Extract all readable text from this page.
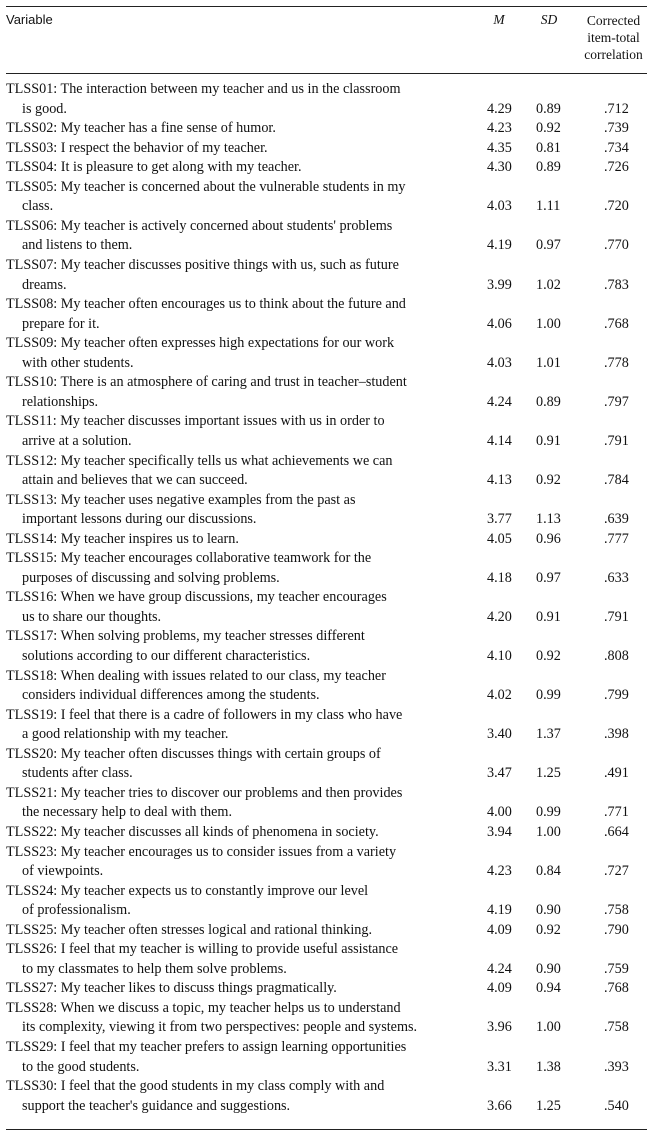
Variable	M	SD	Corrected
item-total
correlation
TLSS01: The interaction between my teacher and us in the classroom
is good.	4.29	0.89	.712
TLSS02: My teacher has a fine sense of humor.	4.23	0.92	.739
TLSS03: I respect the behavior of my teacher.	4.35	0.81	.734
TLSS04: It is pleasure to get along with my teacher.	4.30	0.89	.726
TLSS05: My teacher is concerned about the vulnerable students in my
class.	4.03	1.11	.720
TLSS06: My teacher is actively concerned about students' problems
and listens to them.	4.19	0.97	.770
TLSS07: My teacher discusses positive things with us, such as future
dreams.	3.99	1.02	.783
TLSS08: My teacher often encourages us to think about the future and
prepare for it.	4.06	1.00	.768
TLSS09: My teacher often expresses high expectations for our work
with other students.	4.03	1.01	.778
TLSS10: There is an atmosphere of caring and trust in teacher–student
relationships.	4.24	0.89	.797
TLSS11: My teacher discusses important issues with us in order to
arrive at a solution.	4.14	0.91	.791
TLSS12: My teacher specifically tells us what achievements we can
attain and believes that we can succeed.	4.13	0.92	.784
TLSS13: My teacher uses negative examples from the past as
important lessons during our discussions.	3.77	1.13	.639
TLSS14: My teacher inspires us to learn.	4.05	0.96	.777
TLSS15: My teacher encourages collaborative teamwork for the
purposes of discussing and solving problems.	4.18	0.97	.633
TLSS16: When we have group discussions, my teacher encourages
us to share our thoughts.	4.20	0.91	.791
TLSS17: When solving problems, my teacher stresses different
solutions according to our different characteristics.	4.10	0.92	.808
TLSS18: When dealing with issues related to our class, my teacher
considers individual differences among the students.	4.02	0.99	.799
TLSS19: I feel that there is a cadre of followers in my class who have
a good relationship with my teacher.	3.40	1.37	.398
TLSS20: My teacher often discusses things with certain groups of
students after class.	3.47	1.25	.491
TLSS21: My teacher tries to discover our problems and then provides
the necessary help to deal with them.	4.00	0.99	.771
TLSS22: My teacher discusses all kinds of phenomena in society.	3.94	1.00	.664
TLSS23: My teacher encourages us to consider issues from a variety
of viewpoints.	4.23	0.84	.727
TLSS24: My teacher expects us to constantly improve our level
of professionalism.	4.19	0.90	.758
TLSS25: My teacher often stresses logical and rational thinking.	4.09	0.92	.790
TLSS26: I feel that my teacher is willing to provide useful assistance
to my classmates to help them solve problems.	4.24	0.90	.759
TLSS27: My teacher likes to discuss things pragmatically.	4.09	0.94	.768
TLSS28: When we discuss a topic, my teacher helps us to understand
its complexity, viewing it from two perspectives: people and systems.	3.96	1.00	.758
TLSS29: I feel that my teacher prefers to assign learning opportunities
to the good students.	3.31	1.38	.393
TLSS30: I feel that the good students in my class comply with and
support the teacher's guidance and suggestions.	3.66	1.25	.540
